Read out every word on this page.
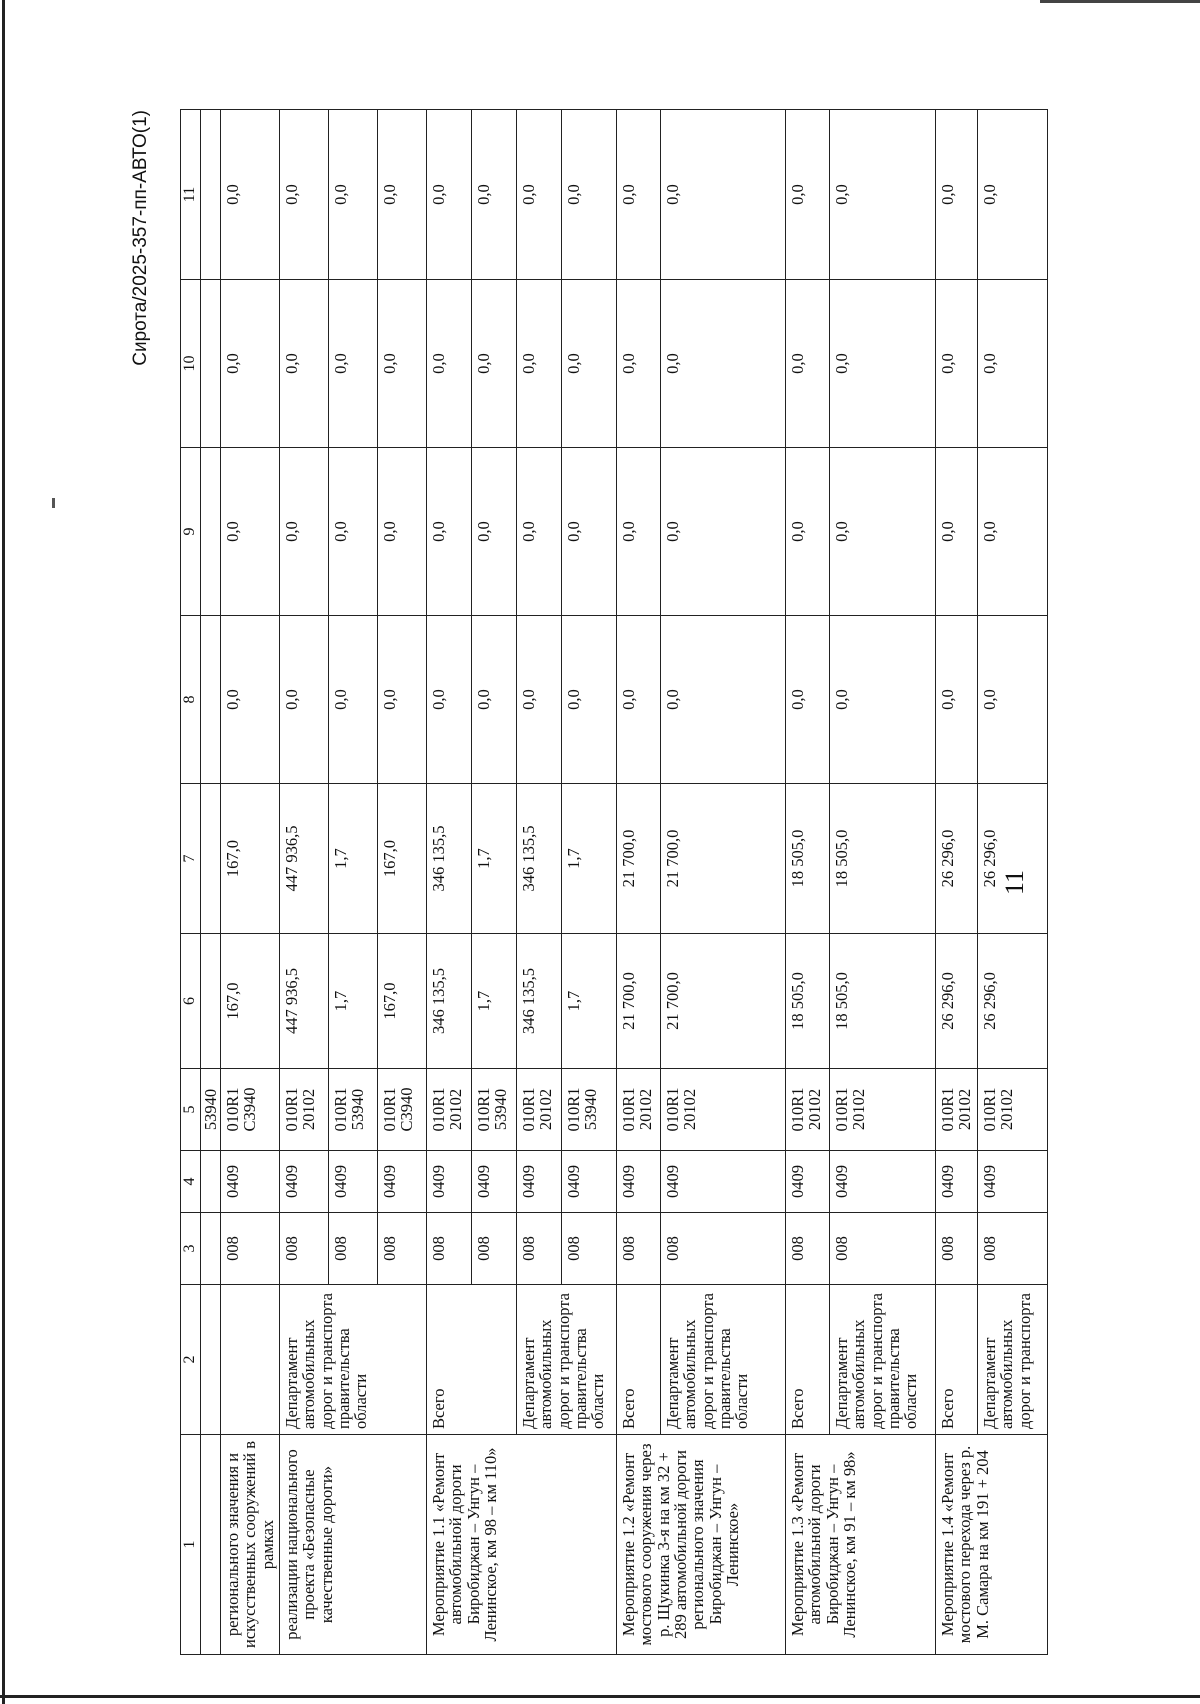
11
Сирота/2025-357-пп-АВТО(1)
1	2	3	4	5	6	7	8	9	10	11
				53940						
регионального значения и искусственных сооружений в рамках		008	0409	010R1 С3940	167,0	167,0	0,0	0,0	0,0	0,0
реализации национального проекта «Безопасные качественные дороги»	Департамент автомобильных дорог и транспорта правительства области	008	0409	010R1 20102	447 936,5	447 936,5	0,0	0,0	0,0	0,0
		008	0409	010R1 53940	1,7	1,7	0,0	0,0	0,0	0,0
		008	0409	010R1 С3940	167,0	167,0	0,0	0,0	0,0	0,0
Мероприятие 1.1 «Ремонт автомобильной дороги Биробиджан – Унгун – Ленинское, км 98 – км 110»	Всего	008	0409	010R1 20102	346 135,5	346 135,5	0,0	0,0	0,0	0,0
		008	0409	010R1 53940	1,7	1,7	0,0	0,0	0,0	0,0
	Департамент автомобильных дорог и транспорта правительства области	008	0409	010R1 20102	346 135,5	346 135,5	0,0	0,0	0,0	0,0
		008	0409	010R1 53940	1,7	1,7	0,0	0,0	0,0	0,0
Мероприятие 1.2 «Ремонт мостового сооружения через р. Щукинка 3-я на км 32 + 289 автомобильной дороги регионального значения Биробиджан – Унгун – Ленинское»	Всего	008	0409	010R1 20102	21 700,0	21 700,0	0,0	0,0	0,0	0,0
	Департамент автомобильных дорог и транспорта правительства области	008	0409	010R1 20102	21 700,0	21 700,0	0,0	0,0	0,0	0,0
Мероприятие 1.3 «Ремонт автомобильной дороги Биробиджан – Унгун – Ленинское, км 91 – км 98»	Всего	008	0409	010R1 20102	18 505,0	18 505,0	0,0	0,0	0,0	0,0
	Департамент автомобильных дорог и транспорта правительства области	008	0409	010R1 20102	18 505,0	18 505,0	0,0	0,0	0,0	0,0
Мероприятие 1.4 «Ремонт мостового перехода через р. М. Самара на км 191 + 204	Всего	008	0409	010R1 20102	26 296,0	26 296,0	0,0	0,0	0,0	0,0
	Департамент автомобильных дорог и транспорта	008	0409	010R1 20102	26 296,0	26 296,0	0,0	0,0	0,0	0,0
